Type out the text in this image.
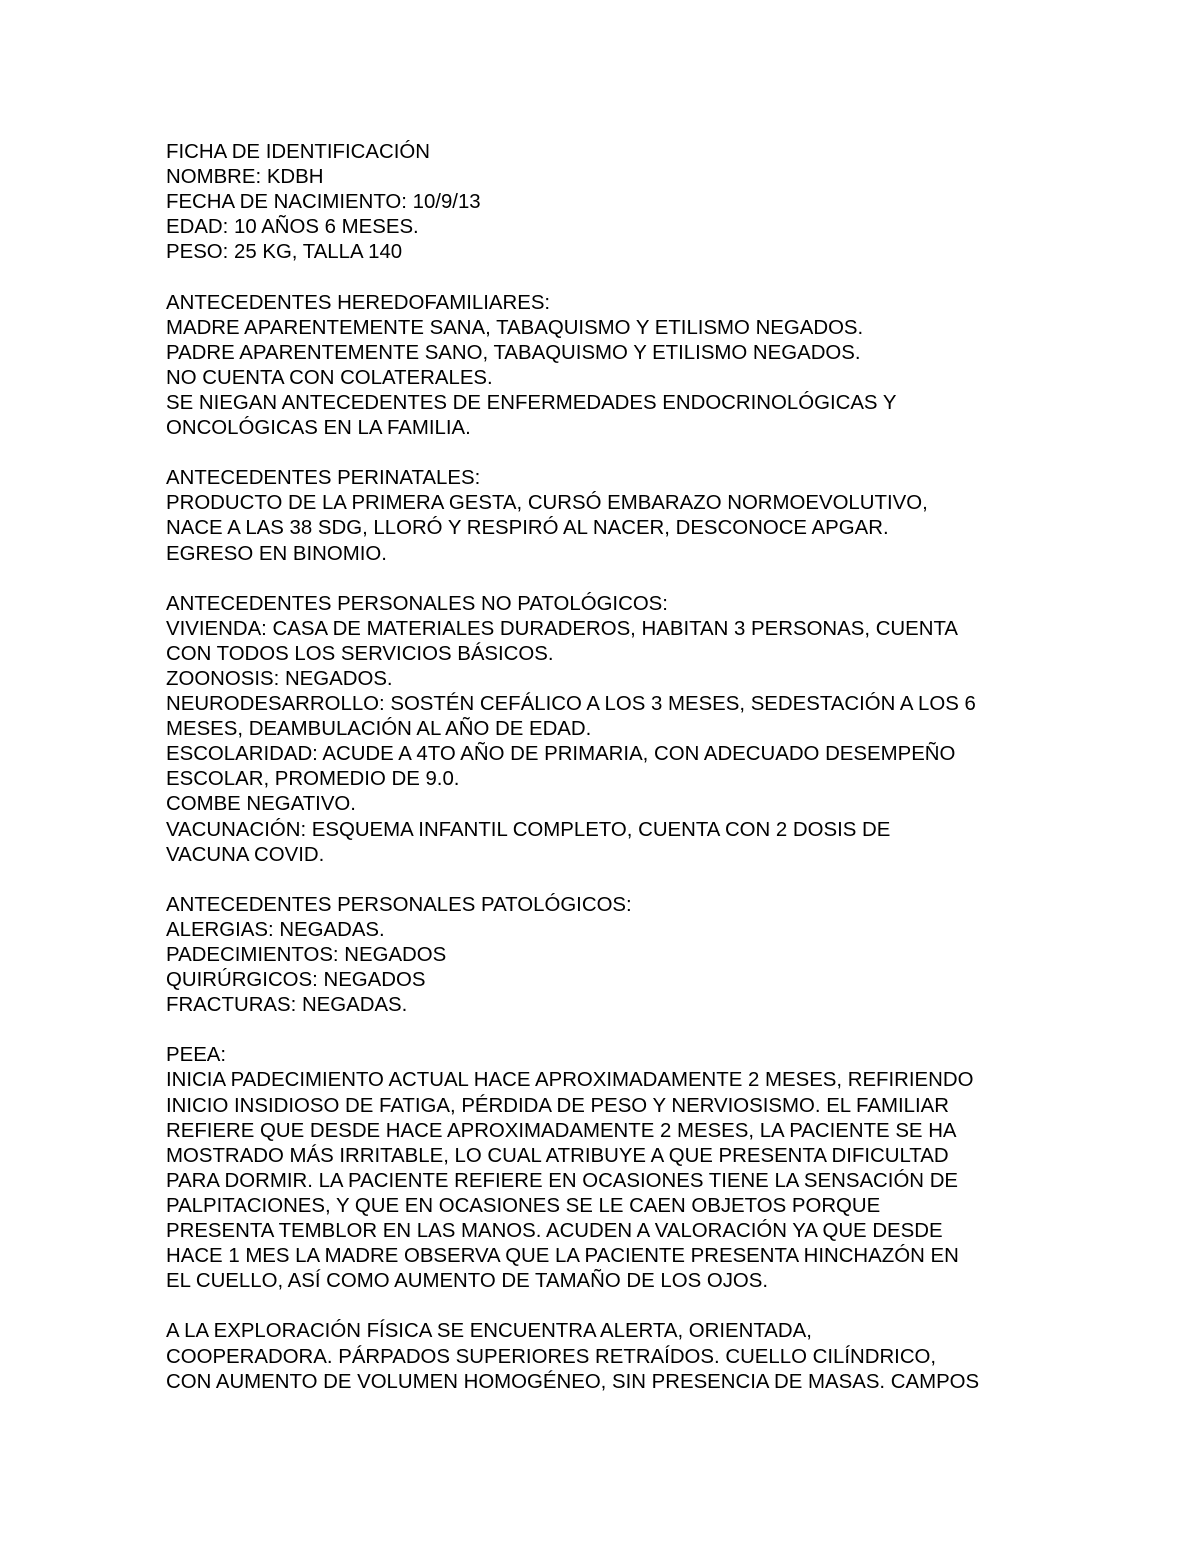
FICHA DE IDENTIFICACIÓN
NOMBRE: KDBH
FECHA DE NACIMIENTO: 10/9/13
EDAD: 10 AÑOS 6 MESES.
PESO: 25 KG, TALLA 140
ANTECEDENTES HEREDOFAMILIARES:
MADRE APARENTEMENTE SANA, TABAQUISMO Y ETILISMO NEGADOS.
PADRE APARENTEMENTE SANO, TABAQUISMO Y ETILISMO NEGADOS.
NO CUENTA CON COLATERALES.
SE NIEGAN ANTECEDENTES DE ENFERMEDADES ENDOCRINOLÓGICAS Y
ONCOLÓGICAS EN LA FAMILIA.
ANTECEDENTES PERINATALES:
PRODUCTO DE LA PRIMERA GESTA, CURSÓ EMBARAZO NORMOEVOLUTIVO,
NACE A LAS 38 SDG, LLORÓ Y RESPIRÓ AL NACER, DESCONOCE APGAR.
EGRESO EN BINOMIO.
ANTECEDENTES PERSONALES NO PATOLÓGICOS:
VIVIENDA: CASA DE MATERIALES DURADEROS, HABITAN 3 PERSONAS, CUENTA
CON TODOS LOS SERVICIOS BÁSICOS.
ZOONOSIS: NEGADOS.
NEURODESARROLLO: SOSTÉN CEFÁLICO A LOS 3 MESES, SEDESTACIÓN A LOS 6
MESES, DEAMBULACIÓN AL AÑO DE EDAD.
ESCOLARIDAD: ACUDE A 4TO AÑO DE PRIMARIA, CON ADECUADO DESEMPEÑO
ESCOLAR, PROMEDIO DE 9.0.
COMBE NEGATIVO.
VACUNACIÓN: ESQUEMA INFANTIL COMPLETO, CUENTA CON 2 DOSIS DE
VACUNA COVID.
ANTECEDENTES PERSONALES PATOLÓGICOS:
ALERGIAS: NEGADAS.
PADECIMIENTOS: NEGADOS
QUIRÚRGICOS: NEGADOS
FRACTURAS: NEGADAS.
PEEA:
INICIA PADECIMIENTO ACTUAL HACE APROXIMADAMENTE 2 MESES, REFIRIENDO
INICIO INSIDIOSO DE FATIGA, PÉRDIDA DE PESO Y NERVIOSISMO. EL FAMILIAR
REFIERE QUE DESDE HACE APROXIMADAMENTE 2 MESES, LA PACIENTE SE HA
MOSTRADO MÁS IRRITABLE, LO CUAL ATRIBUYE A QUE PRESENTA DIFICULTAD
PARA DORMIR. LA PACIENTE REFIERE EN OCASIONES TIENE LA SENSACIÓN DE
PALPITACIONES, Y QUE EN OCASIONES SE LE CAEN OBJETOS PORQUE
PRESENTA TEMBLOR EN LAS MANOS. ACUDEN A VALORACIÓN YA QUE DESDE
HACE 1 MES LA MADRE OBSERVA QUE LA PACIENTE PRESENTA HINCHAZÓN EN
EL CUELLO, ASÍ COMO AUMENTO DE TAMAÑO DE LOS OJOS.
A LA EXPLORACIÓN FÍSICA SE ENCUENTRA ALERTA, ORIENTADA,
COOPERADORA. PÁRPADOS SUPERIORES RETRAÍDOS. CUELLO CILÍNDRICO,
CON AUMENTO DE VOLUMEN HOMOGÉNEO, SIN PRESENCIA DE MASAS. CAMPOS
